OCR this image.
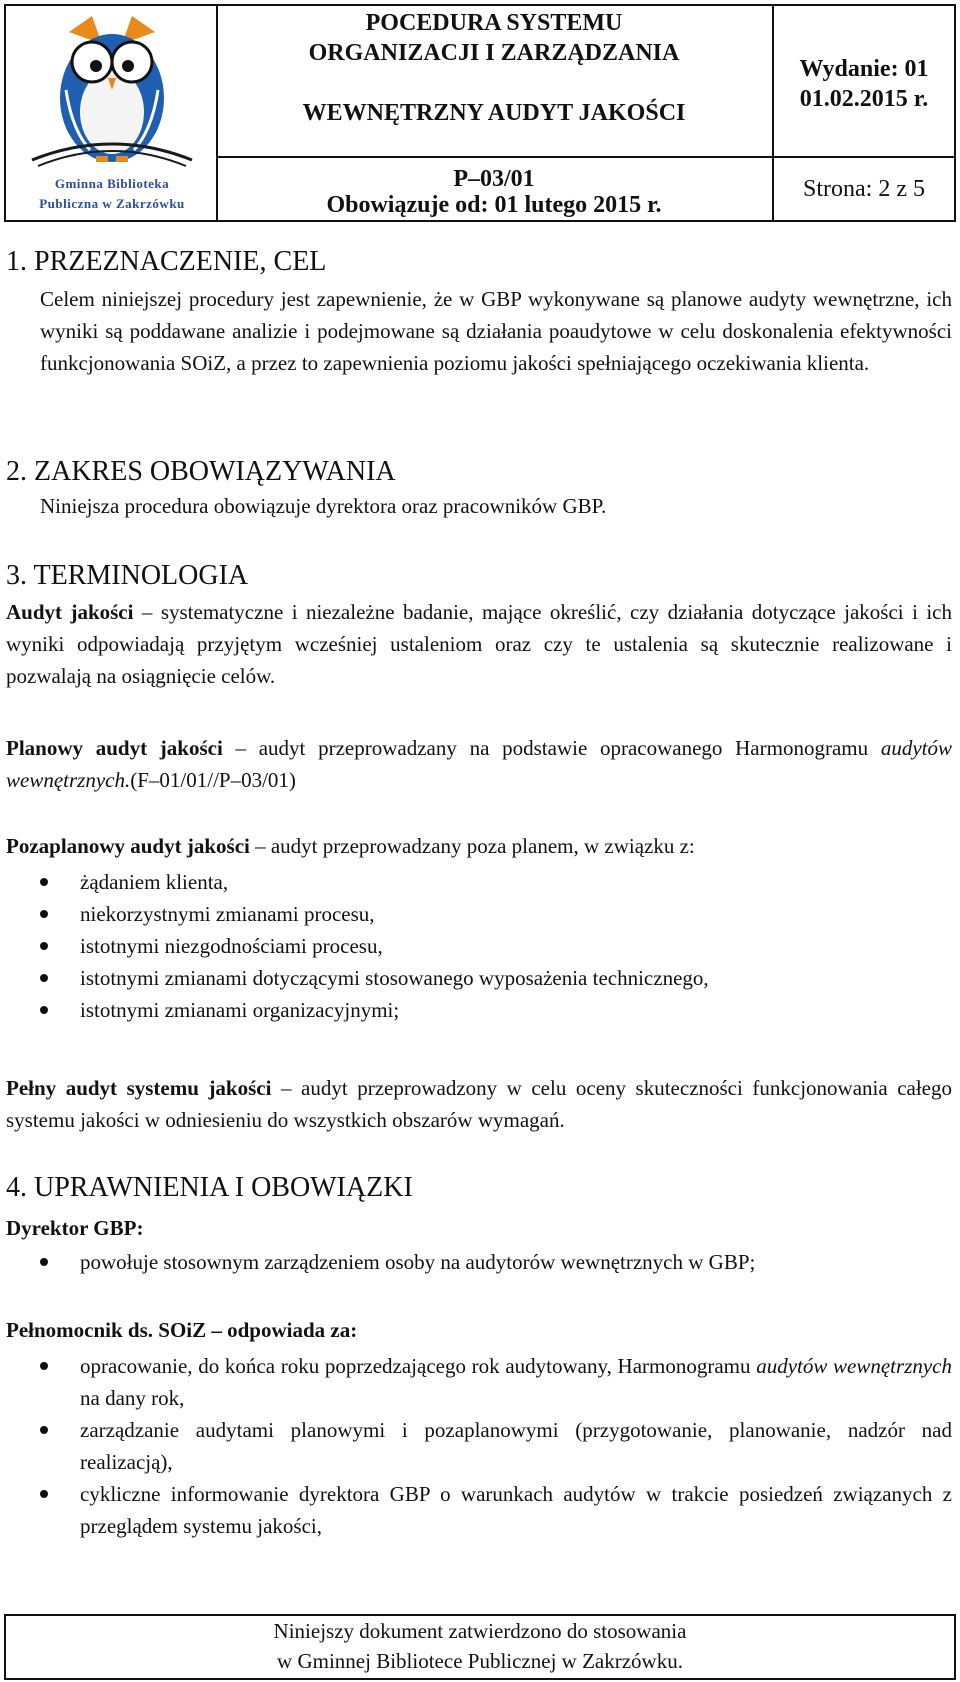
Gminna Biblioteka
Publiczna w Zakrzówku
POCEDURA SYSTEMU
ORGANIZACJI I ZARZĄDZANIA
WEWNĘTRZNY AUDYT JAKOŚCI
P–03/01
Obowiązuje od: 01 lutego 2015 r.
Wydanie: 01
01.02.2015 r.
Strona: 2 z 5
1. PRZEZNACZENIE, CEL
Celem niniejszej procedury jest zapewnienie, że w GBP wykonywane są planowe audyty wewnętrzne, ich wyniki są poddawane analizie i podejmowane są działania poaudytowe w celu doskonalenia efektywności funkcjonowania SOiZ, a przez to zapewnienia poziomu jakości spełniającego oczekiwania klienta.
2. ZAKRES OBOWIĄZYWANIA
Niniejsza procedura obowiązuje dyrektora oraz pracowników GBP.
3. TERMINOLOGIA
Audyt jakości – systematyczne i niezależne badanie, mające określić, czy działania dotyczące jakości i ich wyniki odpowiadają przyjętym wcześniej ustaleniom oraz czy te ustalenia są skutecznie realizowane i pozwalają na osiągnięcie celów.
Planowy audyt jakości – audyt przeprowadzany na podstawie opracowanego Harmonogramu audytów wewnętrznych.(F–01/01//P–03/01)
Pozaplanowy audyt jakości – audyt przeprowadzany poza planem, w związku z:
żądaniem klienta,
niekorzystnymi zmianami procesu,
istotnymi niezgodnościami procesu,
istotnymi zmianami dotyczącymi stosowanego wyposażenia technicznego,
istotnymi zmianami organizacyjnymi;
Pełny audyt systemu jakości – audyt przeprowadzony w celu oceny skuteczności funkcjonowania całego systemu jakości w odniesieniu do wszystkich obszarów wymagań.
4. UPRAWNIENIA I OBOWIĄZKI
Dyrektor GBP:
powołuje stosownym zarządzeniem osoby na audytorów wewnętrznych w GBP;
Pełnomocnik ds. SOiZ – odpowiada za:
opracowanie, do końca roku poprzedzającego rok audytowany, Harmonogramu audytów wewnętrznych na dany rok,
zarządzanie audytami planowymi i pozaplanowymi (przygotowanie, planowanie, nadzór nad realizacją),
cykliczne informowanie dyrektora GBP o warunkach audytów w trakcie posiedzeń związanych z przeglądem systemu jakości,
Niniejszy dokument zatwierdzono do stosowania
w Gminnej Bibliotece Publicznej w Zakrzówku.
